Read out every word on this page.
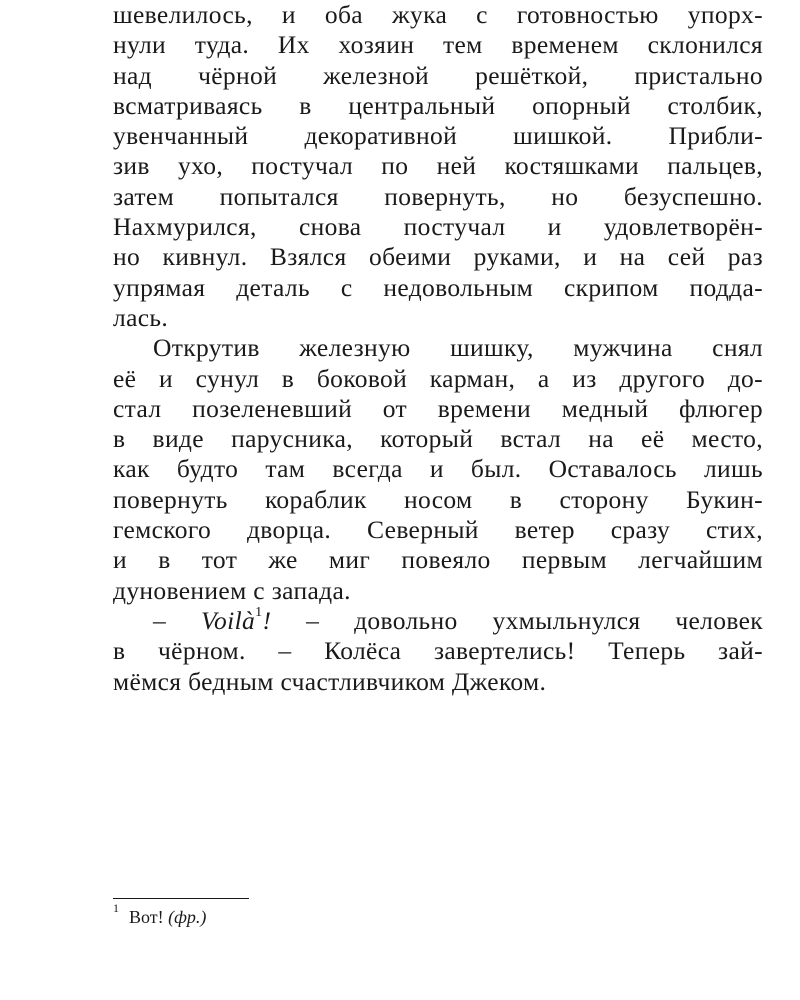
шевелилось, и оба жука с готовностью упорх-
нули туда. Их хозяин тем временем склонился
над чёрной железной решёткой, пристально
всматриваясь в центральный опорный столбик,
увенчанный декоративной шишкой. Прибли-
зив ухо, постучал по ней костяшками пальцев,
затем попытался повернуть, но безуспешно.
Нахмурился, снова постучал и удовлетворён-
но кивнул. Взялся обеими руками, и на сей раз
упрямая деталь с недовольным скрипом подда-
лась.
Открутив железную шишку, мужчина снял
её и сунул в боковой карман, а из другого до-
стал позеленевший от времени медный флюгер
в виде парусника, который встал на её место,
как будто там всегда и был. Оставалось лишь
повернуть кораблик носом в сторону Букин-
гемского дворца. Северный ветер сразу стих,
и в тот же миг повеяло первым легчайшим
дуновением с запада.
– Voilà$^1$! – довольно ухмыльнулся человек
в чёрном. – Колёса завертелись! Теперь зай-
мёмся бедным счастливчиком Джеком.
$^1$ Вот! (фр.)
